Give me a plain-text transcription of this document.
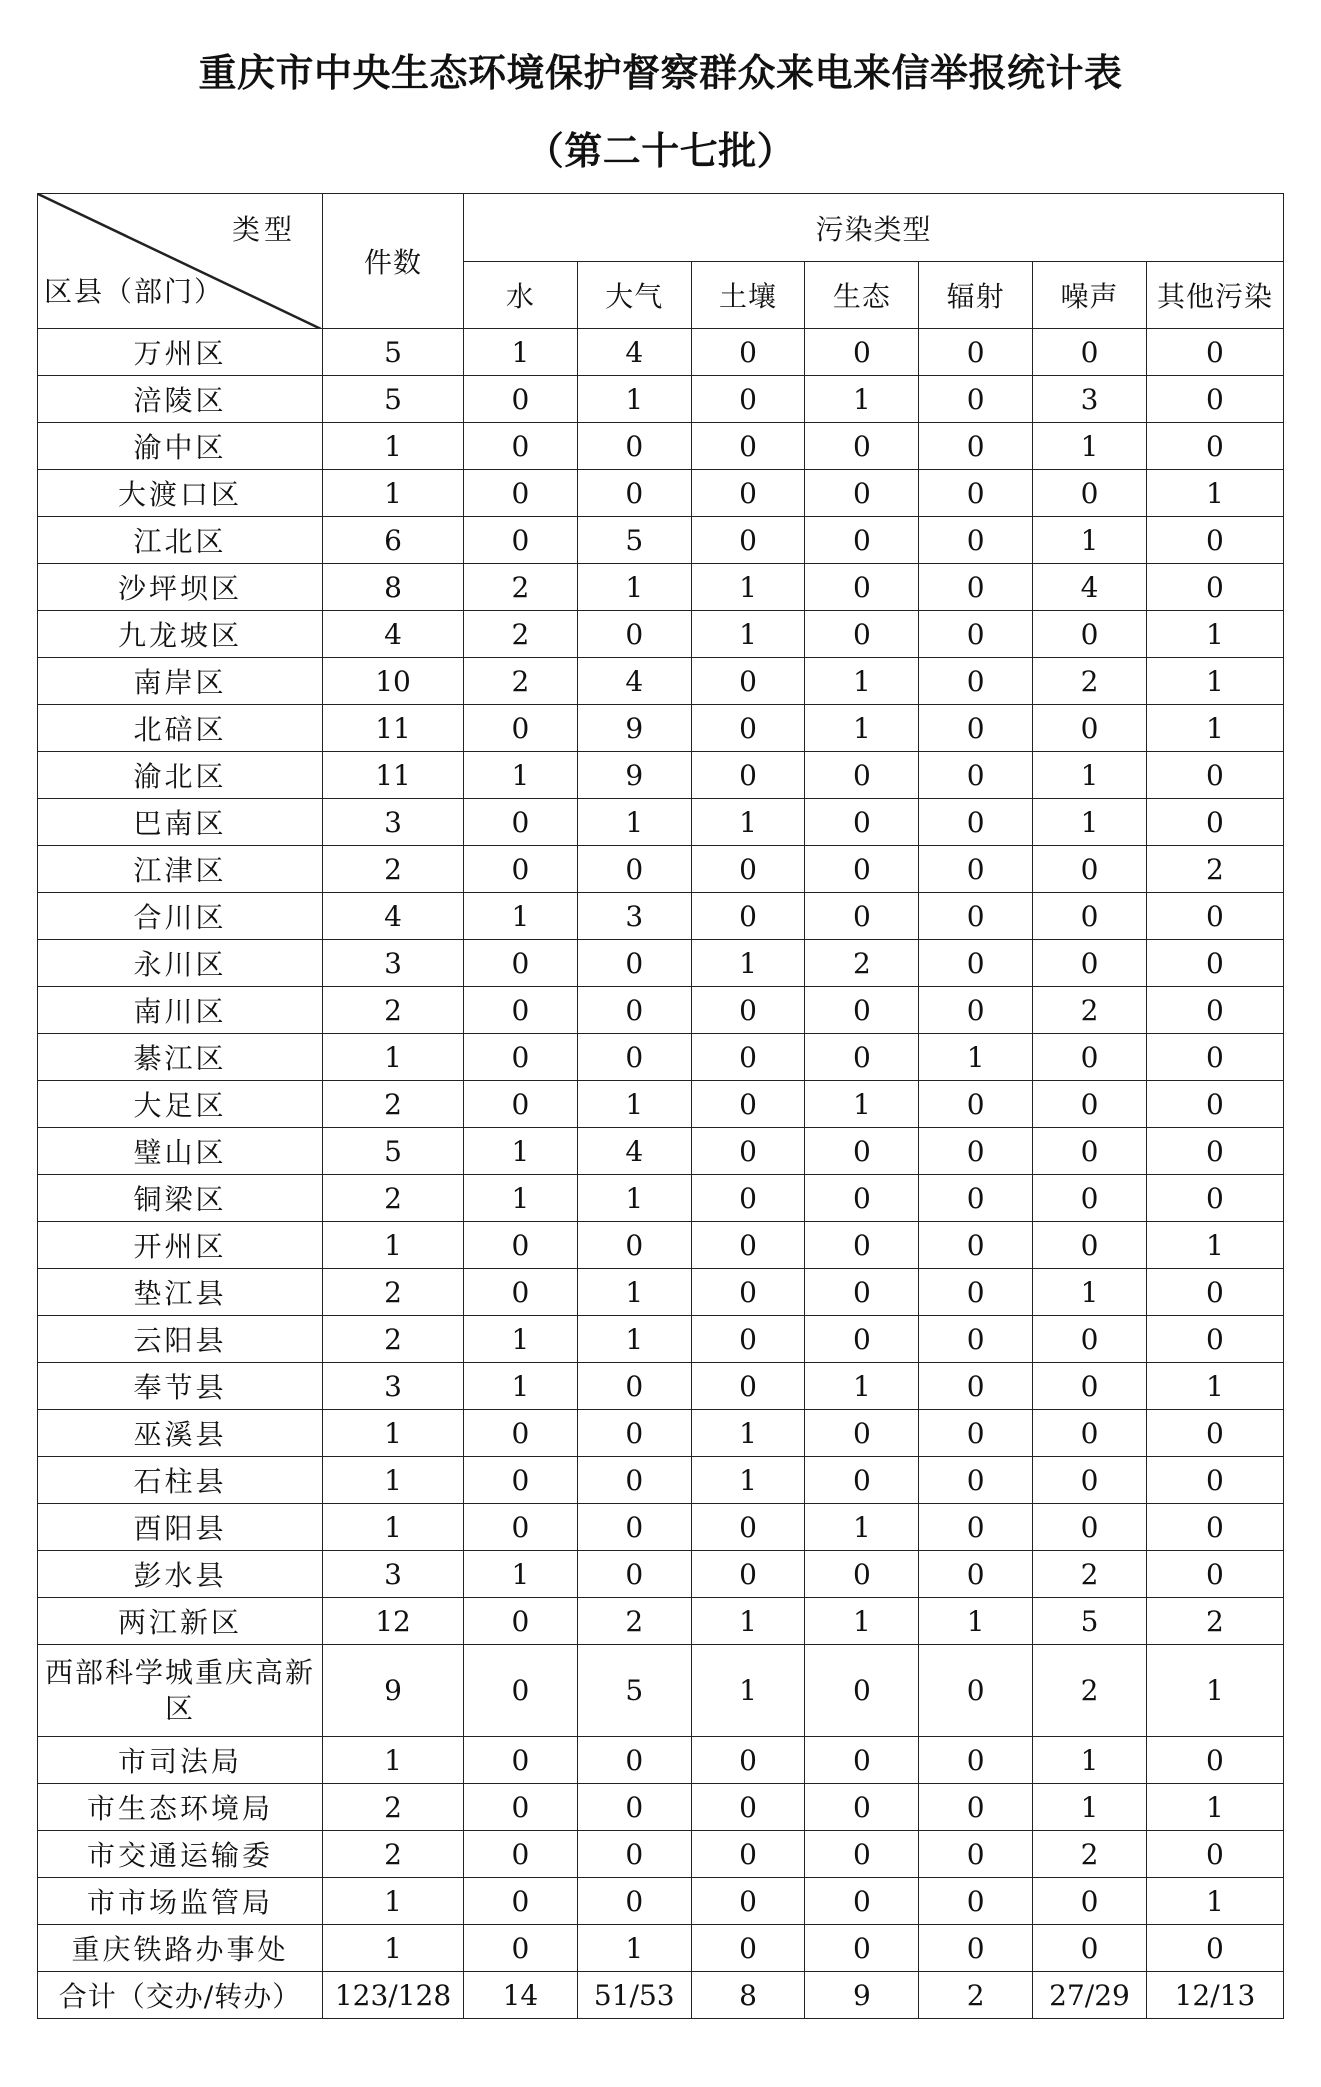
重庆市中央生态环境保护督察群众来电来信举报统计表
（第二十七批）
类型
区县（部门）	件数	污染类型						
		水	大气	土壤	生态	辐射	噪声	其他污染
万州区	5	1	4	0	0	0	0	0
涪陵区	5	0	1	0	1	0	3	0
渝中区	1	0	0	0	0	0	1	0
大渡口区	1	0	0	0	0	0	0	1
江北区	6	0	5	0	0	0	1	0
沙坪坝区	8	2	1	1	0	0	4	0
九龙坡区	4	2	0	1	0	0	0	1
南岸区	10	2	4	0	1	0	2	1
北碚区	11	0	9	0	1	0	0	1
渝北区	11	1	9	0	0	0	1	0
巴南区	3	0	1	1	0	0	1	0
江津区	2	0	0	0	0	0	0	2
合川区	4	1	3	0	0	0	0	0
永川区	3	0	0	1	2	0	0	0
南川区	2	0	0	0	0	0	2	0
綦江区	1	0	0	0	0	1	0	0
大足区	2	0	1	0	1	0	0	0
璧山区	5	1	4	0	0	0	0	0
铜梁区	2	1	1	0	0	0	0	0
开州区	1	0	0	0	0	0	0	1
垫江县	2	0	1	0	0	0	1	0
云阳县	2	1	1	0	0	0	0	0
奉节县	3	1	0	0	1	0	0	1
巫溪县	1	0	0	1	0	0	0	0
石柱县	1	0	0	1	0	0	0	0
酉阳县	1	0	0	0	1	0	0	0
彭水县	3	1	0	0	0	0	2	0
两江新区	12	0	2	1	1	1	5	2
西部科学城重庆高新区	9	0	5	1	0	0	2	1
市司法局	1	0	0	0	0	0	1	0
市生态环境局	2	0	0	0	0	0	1	1
市交通运输委	2	0	0	0	0	0	2	0
市市场监管局	1	0	0	0	0	0	0	1
重庆铁路办事处	1	0	1	0	0	0	0	0
合计（交办/转办）	123/128	14	51/53	8	9	2	27/29	12/13
